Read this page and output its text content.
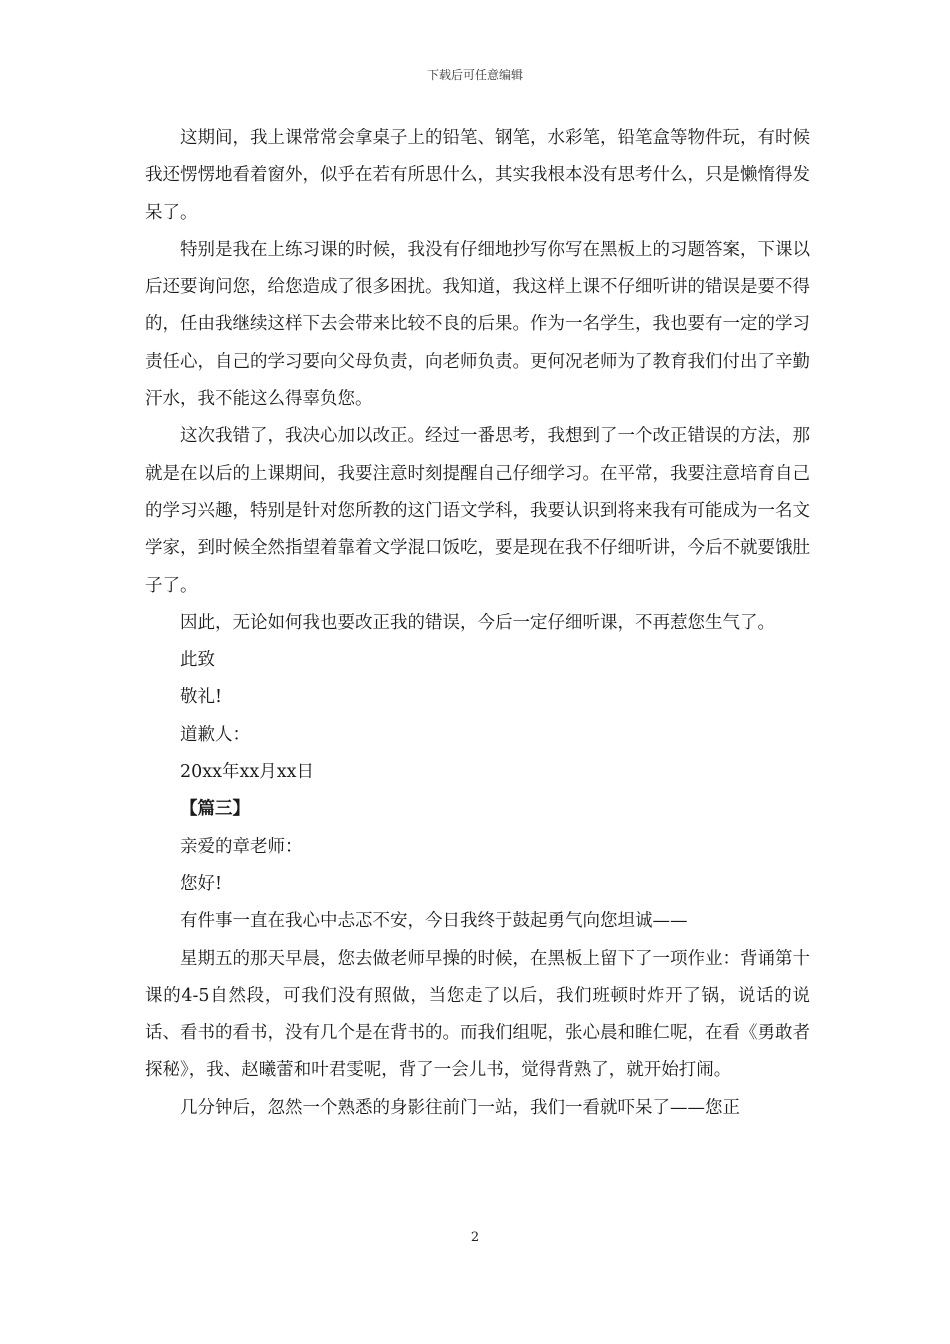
下载后可任意编辑

这期间，我上课常常会拿桌子上的铅笔、钢笔，水彩笔，铅笔盒等物件玩，有时候我还愣愣地看着窗外，似乎在若有所思什么，其实我根本没有思考什么，只是懒惰得发呆了。

特别是我在上练习课的时候，我没有仔细地抄写你写在黑板上的习题答案，下课以后还要询问您，给您造成了很多困扰。我知道，我这样上课不仔细听讲的错误是要不得的，任由我继续这样下去会带来比较不良的后果。作为一名学生，我也要有一定的学习责任心，自己的学习要向父母负责，向老师负责。更何况老师为了教育我们付出了辛勤汗水，我不能这么得辜负您。

这次我错了，我决心加以改正。经过一番思考，我想到了一个改正错误的方法，那就是在以后的上课期间，我要注意时刻提醒自己仔细学习。在平常，我要注意培育自己的学习兴趣，特别是针对您所教的这门语文学科，我要认识到将来我有可能成为一名文学家，到时候全然指望着靠着文学混口饭吃，要是现在我不仔细听讲，今后不就要饿肚子了。

因此，无论如何我也要改正我的错误，今后一定仔细听课，不再惹您生气了。

此致

敬礼!

道歉人：

20xx年xx月xx日

【篇三】

亲爱的章老师：

您好!

有件事一直在我心中忐忑不安，今日我终于鼓起勇气向您坦诚——

星期五的那天早晨，您去做老师早操的时候，在黑板上留下了一项作业：背诵第十课的4-5自然段，可我们没有照做，当您走了以后，我们班顿时炸开了锅，说话的说话、看书的看书，没有几个是在背书的。而我们组呢，张心晨和睢仁呢，在看《勇敢者探秘》，我、赵曦蕾和叶君雯呢，背了一会儿书，觉得背熟了，就开始打闹。

几分钟后，忽然一个熟悉的身影往前门一站，我们一看就吓呆了——您正

2
